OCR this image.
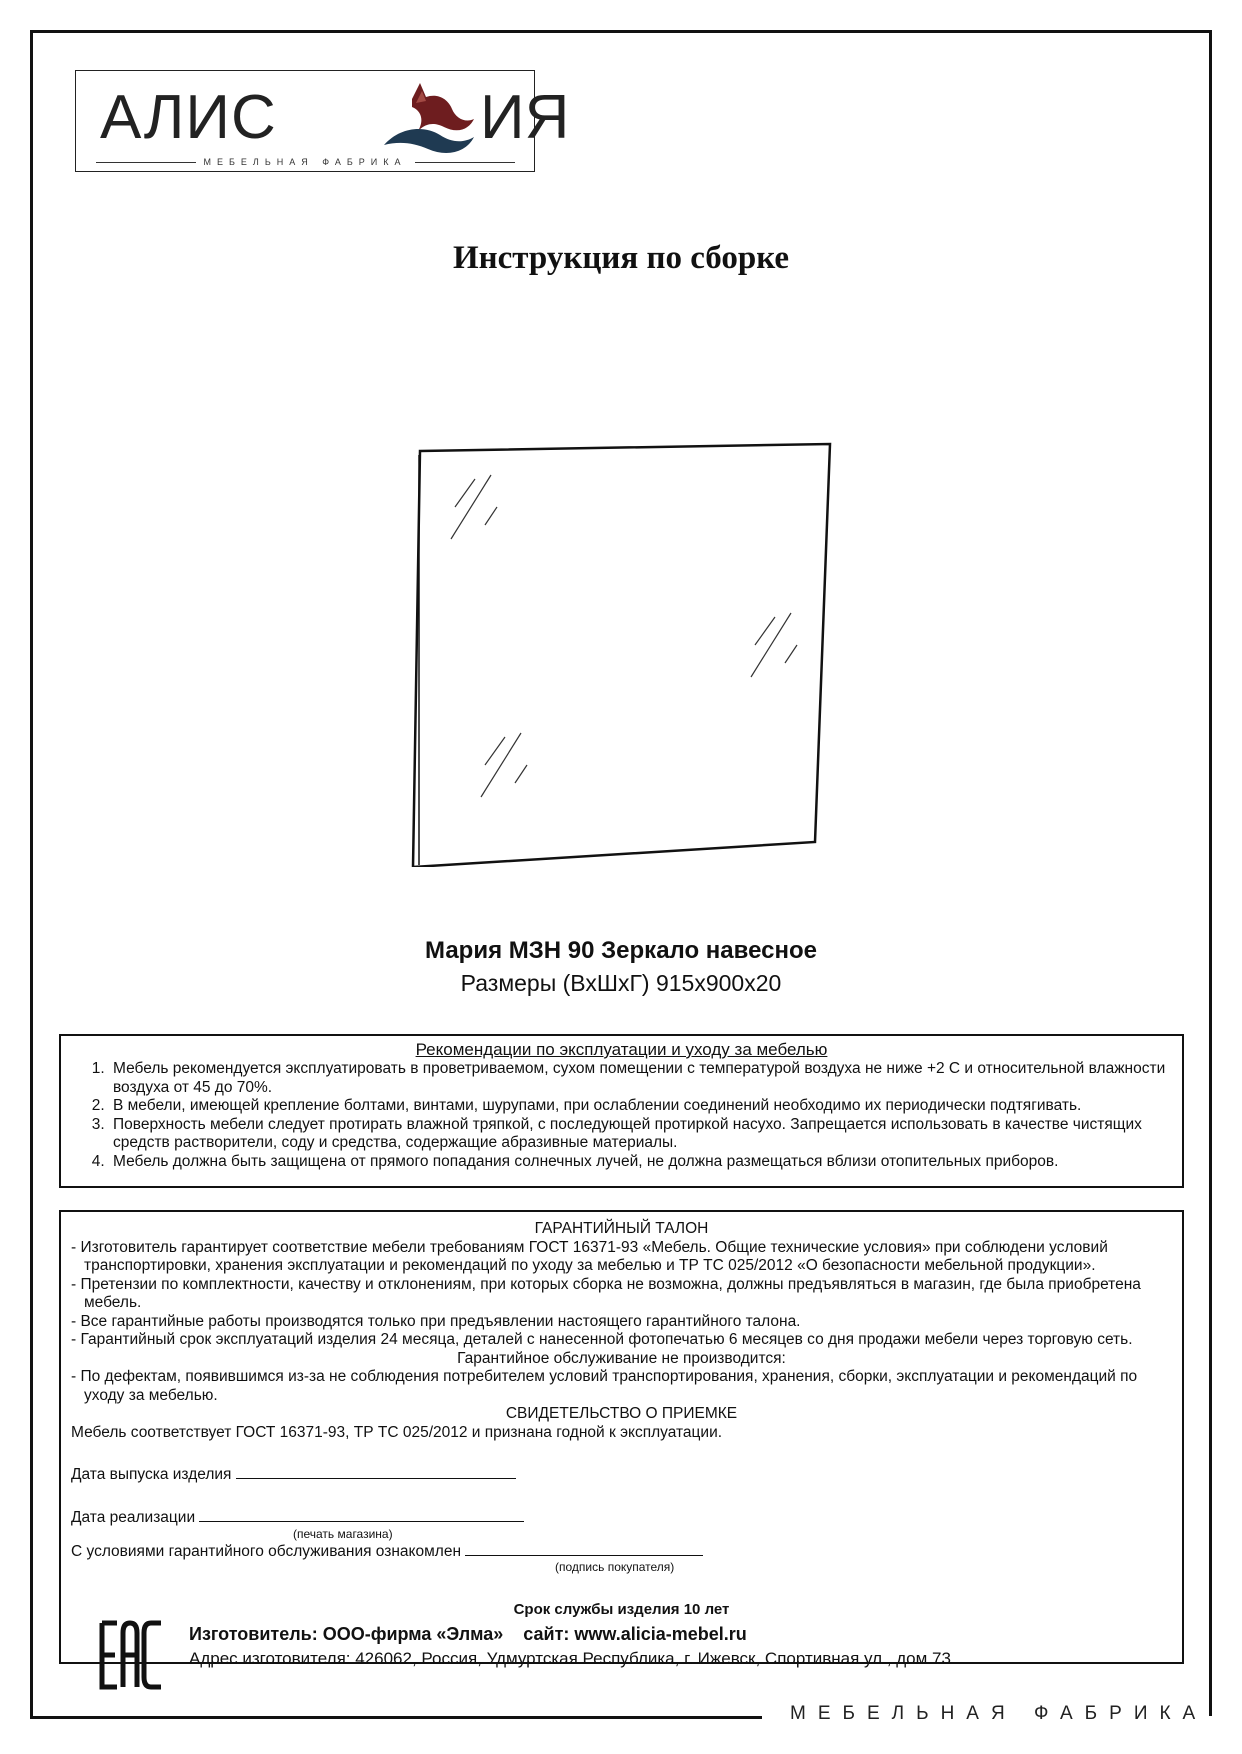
МЕБЕЛЬНАЯ ФАБРИКА
АЛИС	ИЯ
МЕБЕЛЬНАЯ ФАБРИКА
Инструкция по сборке
Мария МЗН 90 Зеркало навесное
Размеры (ВхШхГ) 915х900х20
Рекомендации по эксплуатации и уходу за мебелью
1. Мебель рекомендуется эксплуатировать в проветриваемом, сухом помещении с температурой воздуха не ниже +2 С и относительной влажности воздуха от 45 до 70%.
2. В мебели, имеющей крепление болтами, винтами, шурупами, при ослаблении соединений необходимо их периодически подтягивать.
3. Поверхность мебели следует протирать влажной тряпкой, с последующей протиркой насухо. Запрещается использовать в качестве чистящих средств растворители, соду и средства, содержащие абразивные материалы.
4. Мебель должна быть защищена от прямого попадания солнечных лучей, не должна размещаться вблизи отопительных приборов.

ГАРАНТИЙНЫЙ ТАЛОН

- Изготовитель гарантирует соответствие мебели требованиям ГОСТ 16371-93 «Мебель. Общие технические условия» при соблюдени условий транспортировки, хранения эксплуатации и рекомендаций по уходу за мебелью и ТР ТС 025/2012 «О безопасности мебельной продукции».

- Претензии по комплектности, качеству и отклонениям, при которых сборка не возможна, должны предъявляться в магазин, где была приобретена мебель.

- Все гарантийные работы производятся только при предъявлении настоящего гарантийного талона.

- Гарантийный срок эксплуатаций изделия 24 месяца, деталей с нанесенной фотопечатью 6 месяцев со дня продажи мебели через торговую сеть.

Гарантийное обслуживание не производится:

- По дефектам, появившимся из-за не соблюдения потребителем условий транспортирования, хранения, сборки, эксплуатации и рекомендаций по уходу за мебелью.

СВИДЕТЕЛЬСТВО О ПРИЕМКЕ

Мебель соответствует ГОСТ 16371-93, ТР ТС 025/2012 и признана годной к эксплуатации.

Дата выпуска изделия

Дата реализации

(печать магазина)

С условиями гарантийного обслуживания ознакомлен

(подпись покупателя)

Срок службы изделия 10 лет
Изготовитель: ООО-фирма «Элма» сайт: www.alicia-mebel.ru
Адрес изготовителя: 426062, Россия, Удмуртская Республика, г. Ижевск, Спортивная ул., дом 73
